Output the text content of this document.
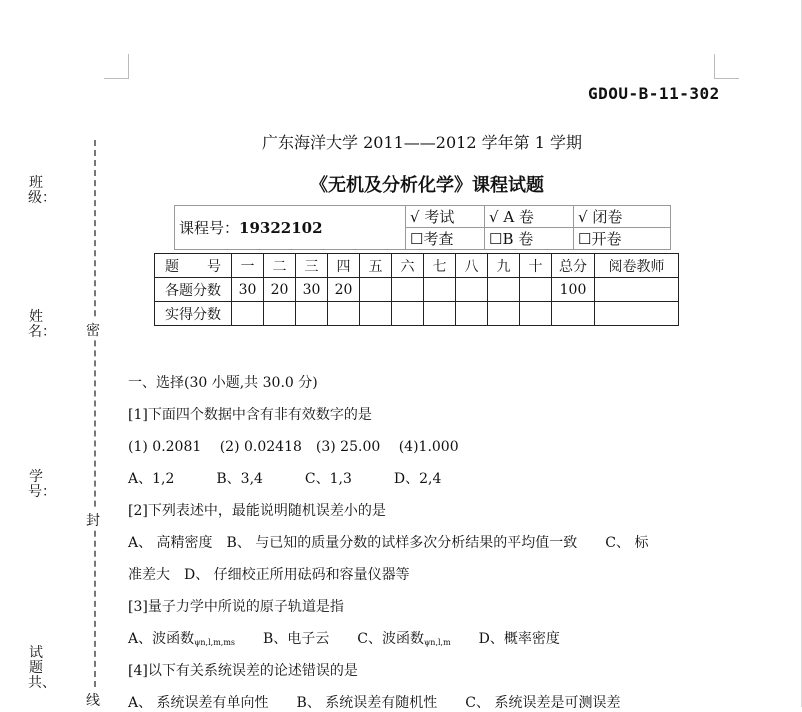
GDOU-B-11-302
广东海洋大学 2011——2012 学年第 1 学期
《无机及分析化学》课程试题
班级：
姓名：
学号：
试题共、
密
封
线
课程号：19322102	√ 考试	√ A 卷	√ 闭卷
	☐考查	☐B 卷	☐开卷
题　　号	一	二	三	四	五	六	七	八	九	十	总分	阅卷教师
各题分数	30	20	30	20							100	
实得分数												
一、选择(30 小题,共 30.0 分)
[1]下面四个数据中含有非有效数字的是
(1) 0.2081　 (2) 0.02418　(3) 25.00　 (4)1.000
A、1,2　　　B、3,4　　　C、1,3　　　D、2,4
[2]下列表述中，最能说明随机误差小的是
A、 高精密度　B、 与已知的质量分数的试样多次分析结果的平均值一致　　C、 标
准差大　D、 仔细校正所用砝码和容量仪器等
[3]量子力学中所说的原子轨道是指
A、波函数$_{\psi n,l,m,ms}$　　B、电子云　　C、波函数$_{\psi n,l,m}$　　D、概率密度
[4]以下有关系统误差的论述错误的是
A、 系统误差有单向性　　B、 系统误差有随机性　　C、 系统误差是可测误差
